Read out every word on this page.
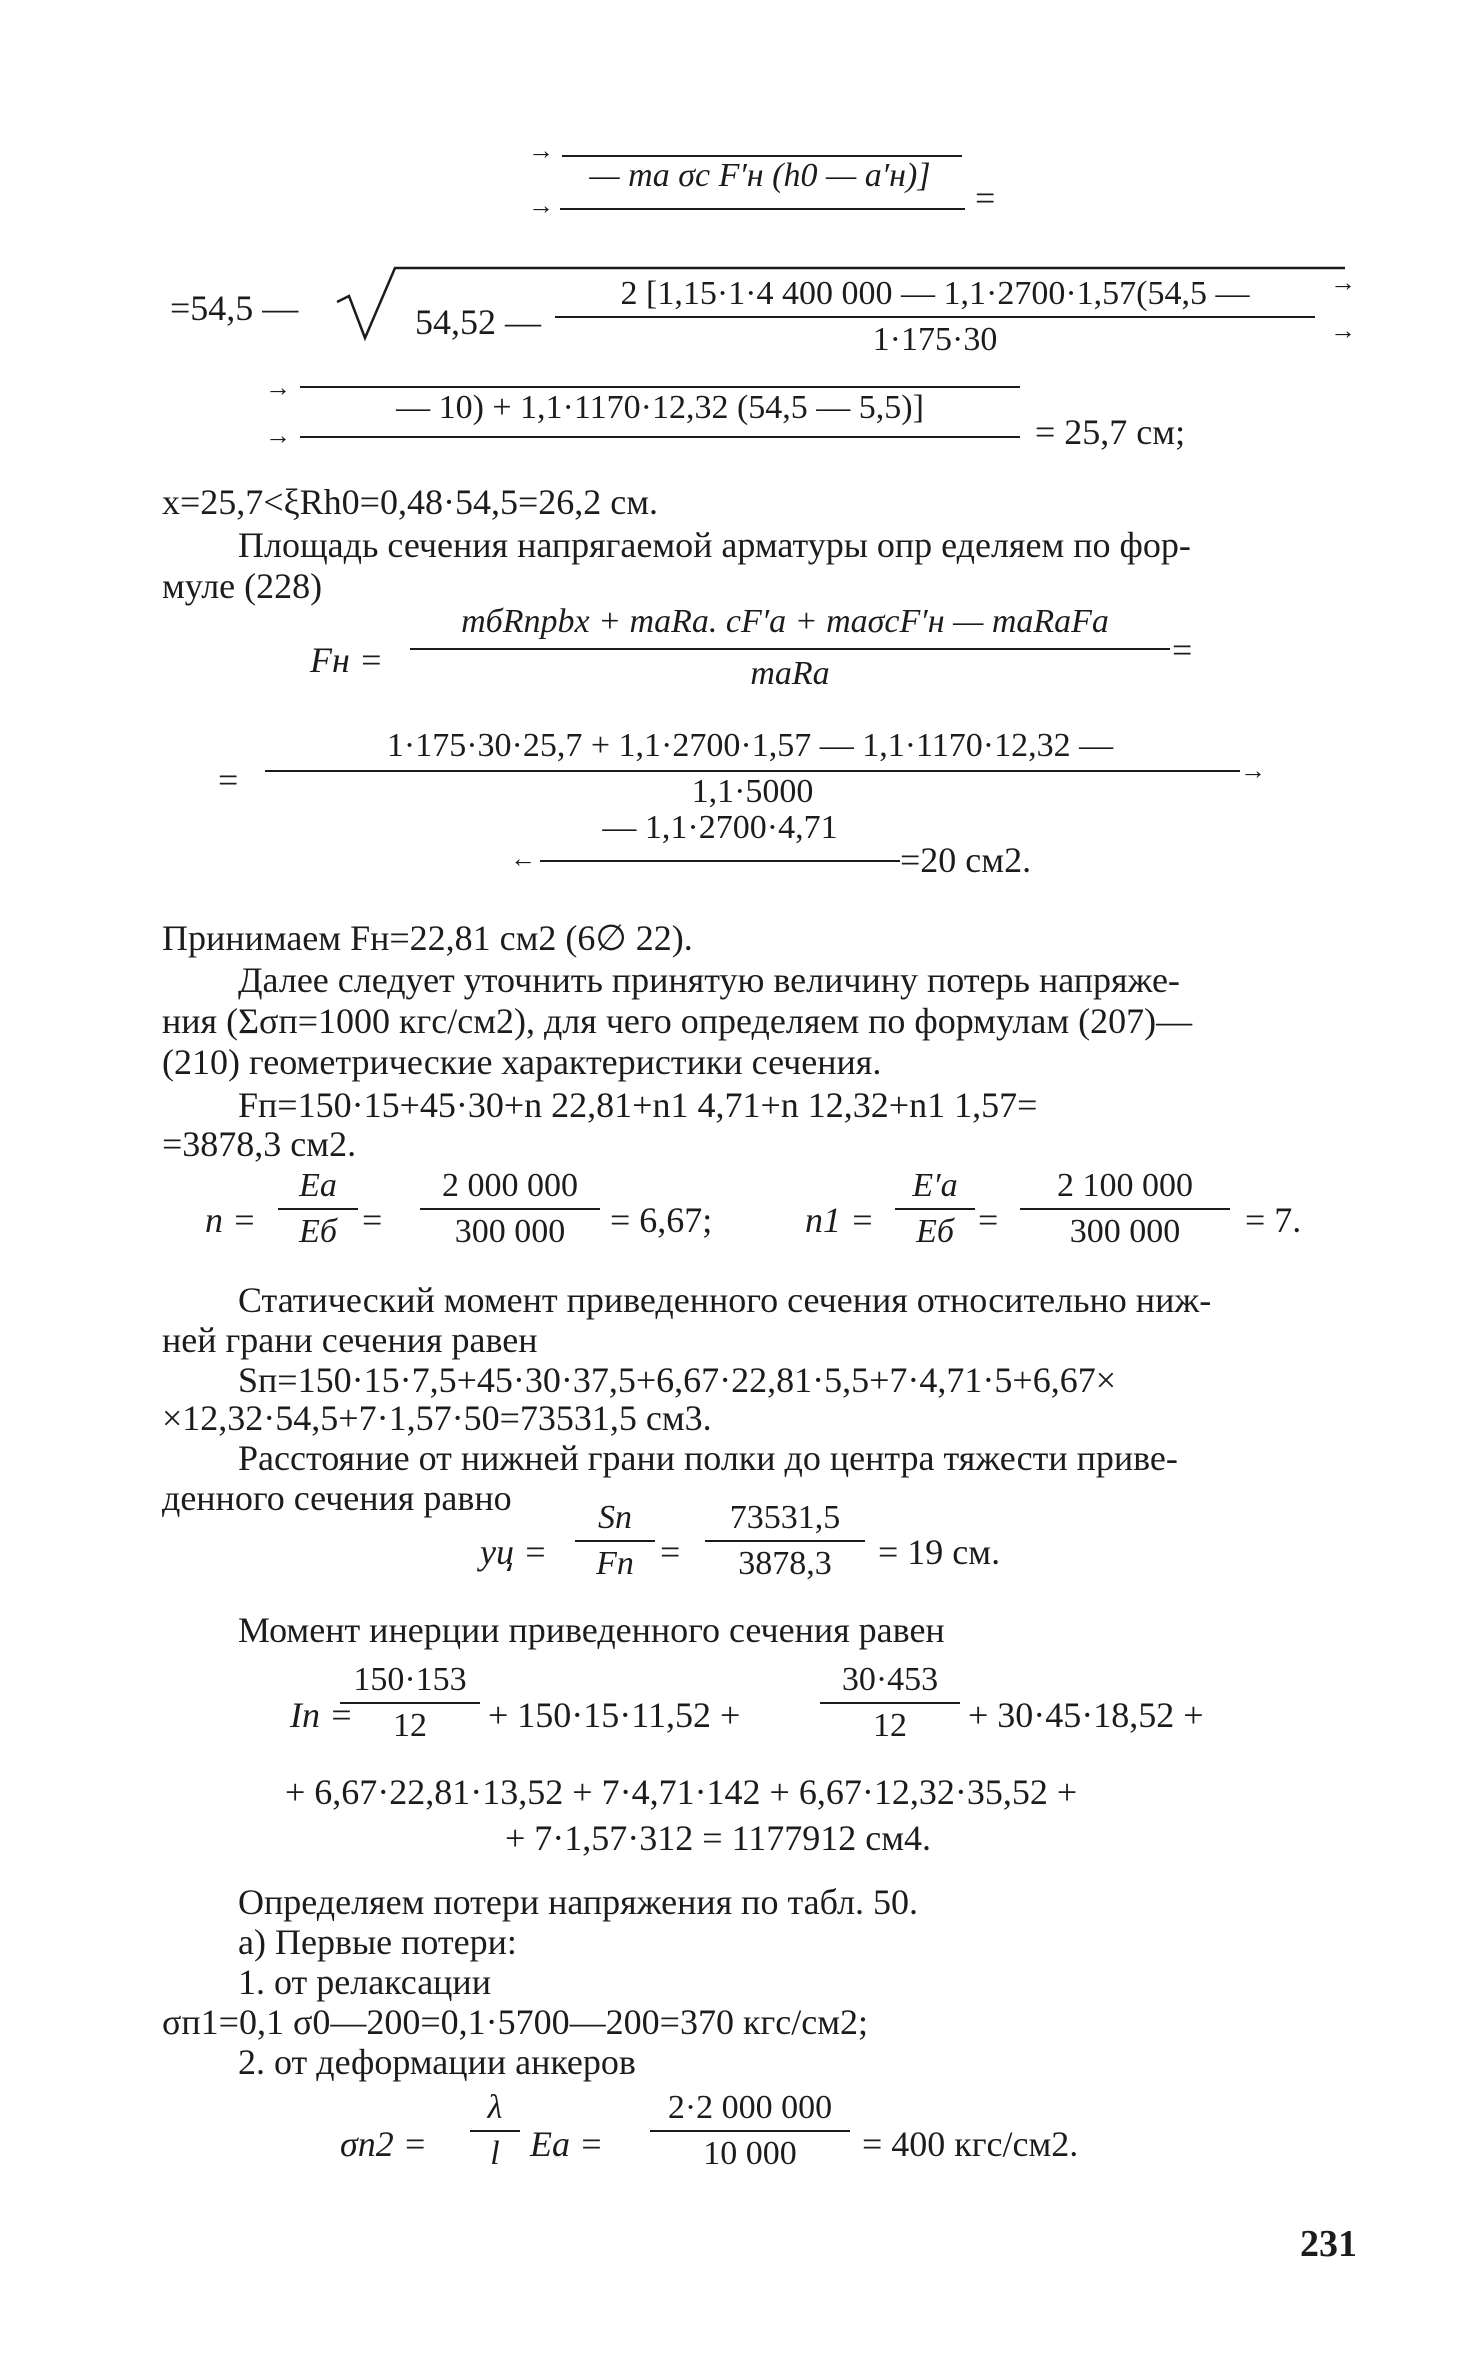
→
→
— ma σс F′н (h0 — a′н)]
=
=54,5 —	54,52 —
2 [1,15·1·4 400 000 — 1,1·2700·1,57(54,5 —
1·175·30
→
→
→
→
— 10) + 1,1·1170·12,32 (54,5 — 5,5)]
= 25,7 см;
x=25,7<ξRh0=0,48·54,5=26,2 см.
Площадь сечения напрягаемой арматуры опр еделяем по фор-
муле (228)
Fн =
mбRпрbx + maRa. cF′a + maσсF′н — maRaFa
maRa
=
=
1·175·30·25,7 + 1,1·2700·1,57 — 1,1·1170·12,32 —
→
1,1·5000
— 1,1·2700·4,71
←	=20 см2.
Принимаем Fн=22,81 см2 (6∅ 22).
Далее следует уточнить принятую величину потерь напряже-
ния (Σσп=1000 кгс/см2), для чего определяем по формулам (207)—
(210) геометрические характеристики сечения.
Fп=150·15+45·30+n 22,81+n1 4,71+n 12,32+n1 1,57=
=3878,3 см2.
n =
Ea
Eб =
2 000 000
300 000	= 6,67;	n1 =
E′a
Eб =
2 100 000
300 000	= 7.
Статический момент приведенного сечения относительно ниж-
ней грани сечения равен
Sп=150·15·7,5+45·30·37,5+6,67·22,81·5,5+7·4,71·5+6,67×
×12,32·54,5+7·1,57·50=73531,5 см3.
Расстояние от нижней грани полки до центра тяжести приве-
денного сечения равно
yц =
Sп
Fп =
73531,5
3878,3	= 19 см.
Момент инерции приведенного сечения равен
Iп =
150·153
12	+ 150·15·11,52 +
30·453
12	+ 30·45·18,52 +
+ 6,67·22,81·13,52 + 7·4,71·142 + 6,67·12,32·35,52 +
+ 7·1,57·312 = 1177912 см4.
Определяем потери напряжения по табл. 50.
а) Первые потери:
1. от релаксации
σп1=0,1 σ0—200=0,1·5700—200=370 кгс/см2;
2. от деформации анкеров
σп2 =
λ
l Ea =
2·2 000 000
10 000	= 400 кгс/см2.
231
